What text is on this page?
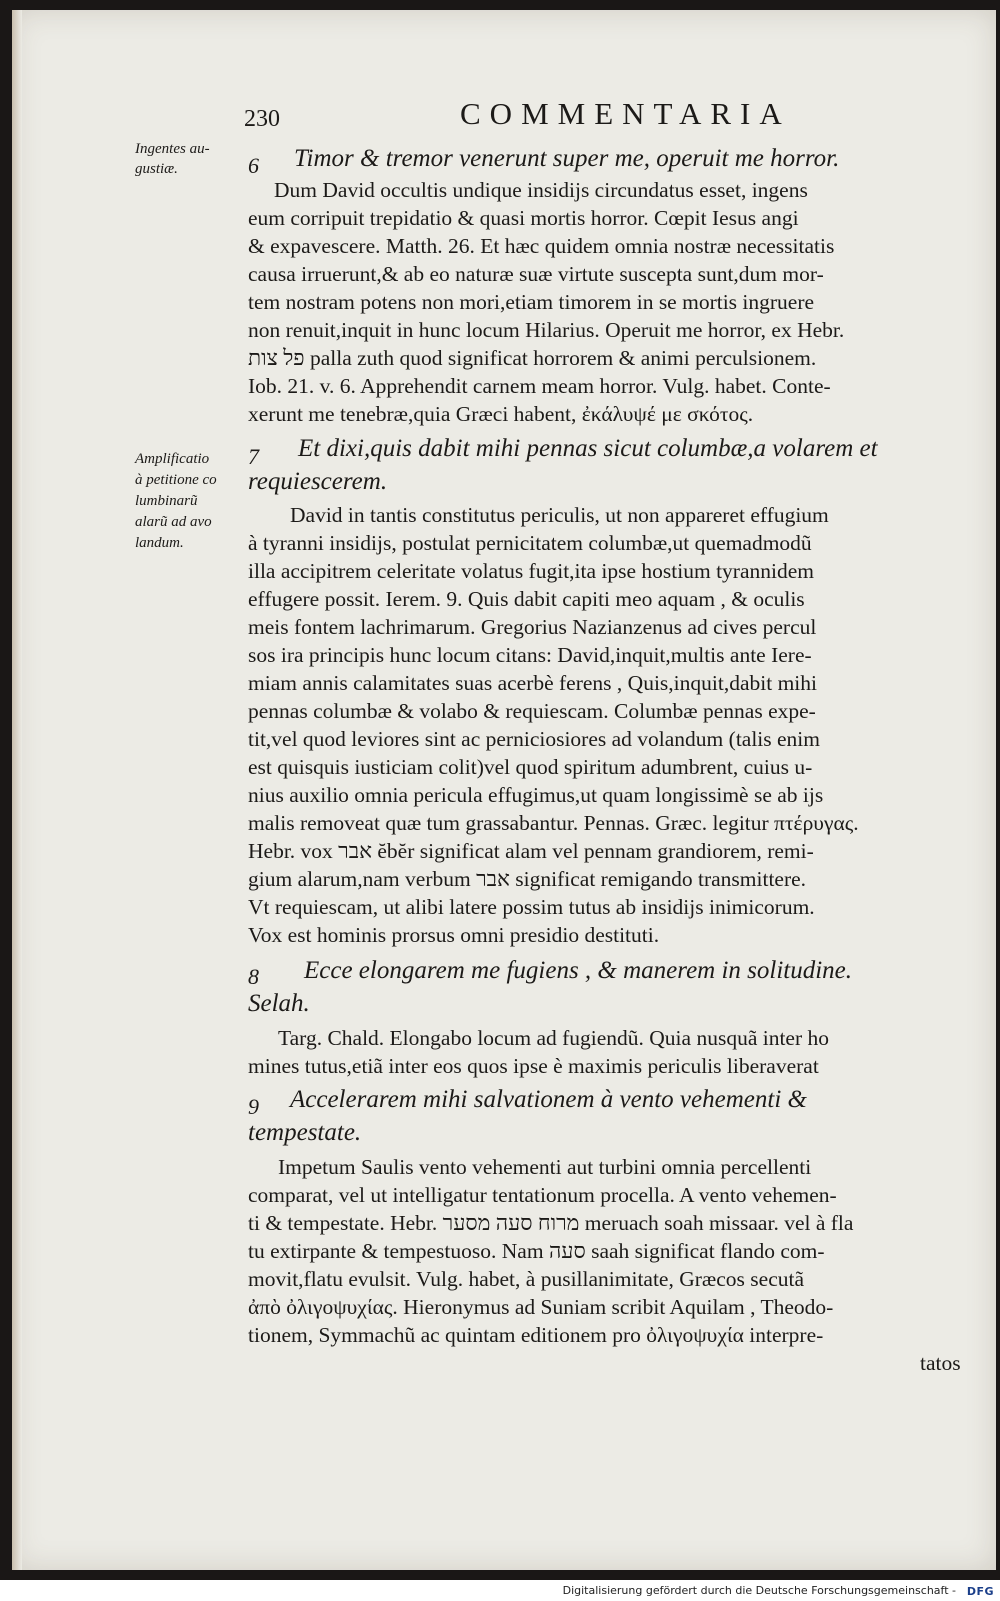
230	COMMENTARIA
Ingentes au-
gustiæ.
Amplificatio
à petitione co
lumbinarũ
alarũ ad avo
landum.
6 Timor & tremor venerunt super me, operuit me horror.
Dum David occultis undique insidijs circundatus esset, ingens
eum corripuit trepidatio & quasi mortis horror. Cœpit Iesus angi
& expavescere. Matth. 26. Et hæc quidem omnia nostræ necessitatis
causa irruerunt,& ab eo naturæ suæ virtute suscepta sunt,dum mor-
tem nostram potens non mori,etiam timorem in se mortis ingruere
non renuit,inquit in hunc locum Hilarius. Operuit me horror, ex Hebr.
פל צות palla zuth quod significat horrorem & animi perculsionem.
Iob. 21. v. 6. Apprehendit carnem meam horror. Vulg. habet. Conte-
xerunt me tenebræ,quia Græci habent, ἐκάλυψέ με σκότος.
7 Et dixi,quis dabit mihi pennas sicut columbæ,a volarem et
requiescerem.
David in tantis constitutus periculis, ut non appareret effugium
à tyranni insidijs, postulat pernicitatem columbæ,ut quemadmodũ
illa accipitrem celeritate volatus fugit,ita ipse hostium tyrannidem
effugere possit. Ierem. 9. Quis dabit capiti meo aquam , & oculis
meis fontem lachrimarum. Gregorius Nazianzenus ad cives percul
sos ira principis hunc locum citans: David,inquit,multis ante Iere-
miam annis calamitates suas acerbè ferens , Quis,inquit,dabit mihi
pennas columbæ & volabo & requiescam. Columbæ pennas expe-
tit,vel quod leviores sint ac perniciosiores ad volandum (talis enim
est quisquis iusticiam colit)vel quod spiritum adumbrent, cuius u-
nius auxilio omnia pericula effugimus,ut quam longissimè se ab ijs
malis removeat quæ tum grassabantur. Pennas. Græc. legitur πτέρυγας.
Hebr. vox אבר ĕbĕr significat alam vel pennam grandiorem, remi-
gium alarum,nam verbum אבר significat remigando transmittere.
Vt requiescam, ut alibi latere possim tutus ab insidijs inimicorum.
Vox est hominis prorsus omni presidio destituti.
8 Ecce elongarem me fugiens , & manerem in solitudine.
Selah.
Targ. Chald. Elongabo locum ad fugiendũ. Quia nusquã inter ho
mines tutus,etiã inter eos quos ipse è maximis periculis liberaverat
9 Accelerarem mihi salvationem à vento vehementi &
tempestate.
Impetum Saulis vento vehementi aut turbini omnia percellenti
comparat, vel ut intelligatur tentationum procella. A vento vehemen-
ti & tempestate. Hebr. מרוח סעה מסער meruach soah missaar. vel à fla
tu extirpante & tempestuoso. Nam סעה saah significat flando com-
movit,flatu evulsit. Vulg. habet, à pusillanimitate, Græcos secutã
ἀπὸ ὀλιγοψυχίας. Hieronymus ad Suniam scribit Aquilam , Theodo-
tionem, Symmachũ ac quintam editionem pro ὀλιγοψυχία interpre-
tatos
Digitalisierung gefördert durch die Deutsche Forschungsgemeinschaft - DFG
